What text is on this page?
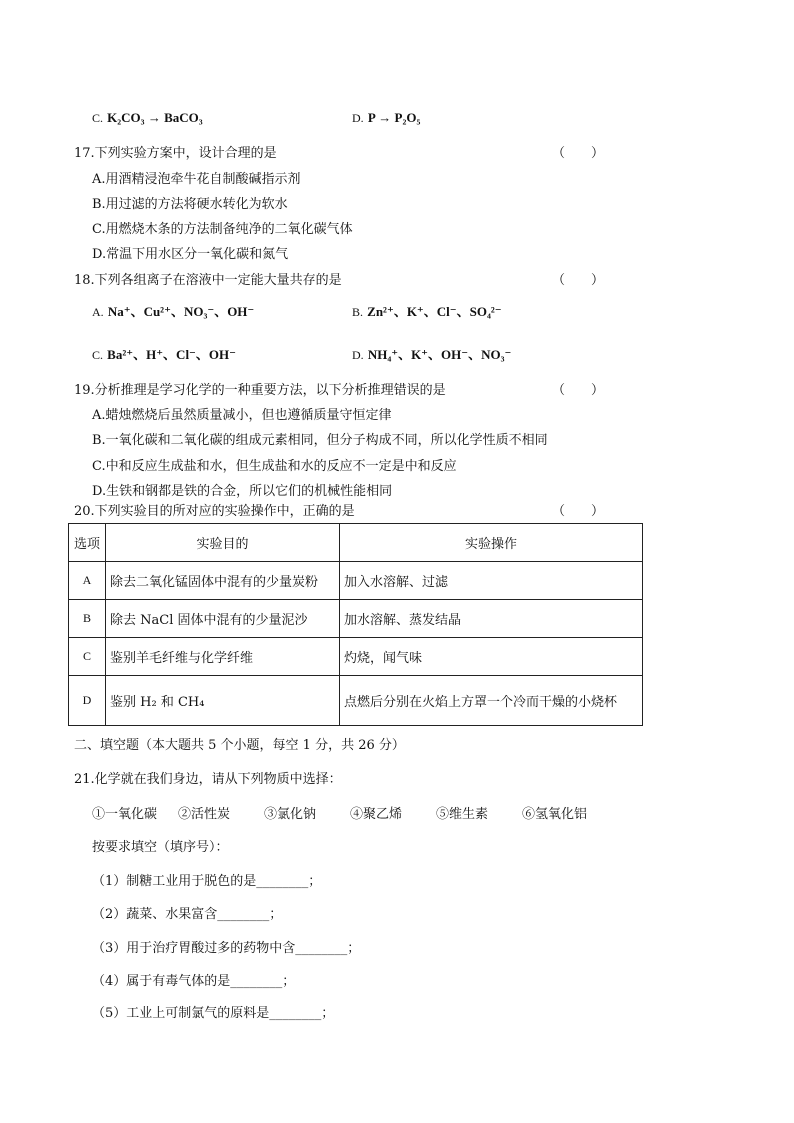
C. K₂CO₃ → BaCO₃	D. P → P₂O₅
17.下列实验方案中，设计合理的是	（　　）
A.用酒精浸泡牵牛花自制酸碱指示剂
B.用过滤的方法将硬水转化为软水
C.用燃烧木条的方法制备纯净的二氧化碳气体
D.常温下用水区分一氧化碳和氮气
18.下列各组离子在溶液中一定能大量共存的是	（　　）
A. Na⁺、Cu²⁺、NO₃⁻、OH⁻	B. Zn²⁺、K⁺、Cl⁻、SO₄²⁻
C. Ba²⁺、H⁺、Cl⁻、OH⁻	D. NH₄⁺、K⁺、OH⁻、NO₃⁻
19.分析推理是学习化学的一种重要方法，以下分析推理错误的是	（　　）
A.蜡烛燃烧后虽然质量减小，但也遵循质量守恒定律
B.一氧化碳和二氧化碳的组成元素相同，但分子构成不同，所以化学性质不相同
C.中和反应生成盐和水，但生成盐和水的反应不一定是中和反应
D.生铁和钢都是铁的合金，所以它们的机械性能相同
20.下列实验目的所对应的实验操作中，正确的是	（　　）
选项	实验目的	实验操作
A	除去二氧化锰固体中混有的少量炭粉	加入水溶解、过滤
B	除去 NaCl 固体中混有的少量泥沙	加水溶解、蒸发结晶
C	鉴别羊毛纤维与化学纤维	灼烧，闻气味
D	鉴别 H₂ 和 CH₄	点燃后分别在火焰上方罩一个冷而干燥的小烧杯
二、填空题（本大题共 5 个小题，每空 1 分，共 26 分）
21.化学就在我们身边，请从下列物质中选择：
①一氧化碳 ②活性炭	③氯化钠	④聚乙烯	⑤维生素	⑥氢氧化铝
按要求填空（填序号）：
（1）制糖工业用于脱色的是________；
（2）蔬菜、水果富含________；
（3）用于治疗胃酸过多的药物中含________；
（4）属于有毒气体的是________；
（5）工业上可制氯气的原料是________；
